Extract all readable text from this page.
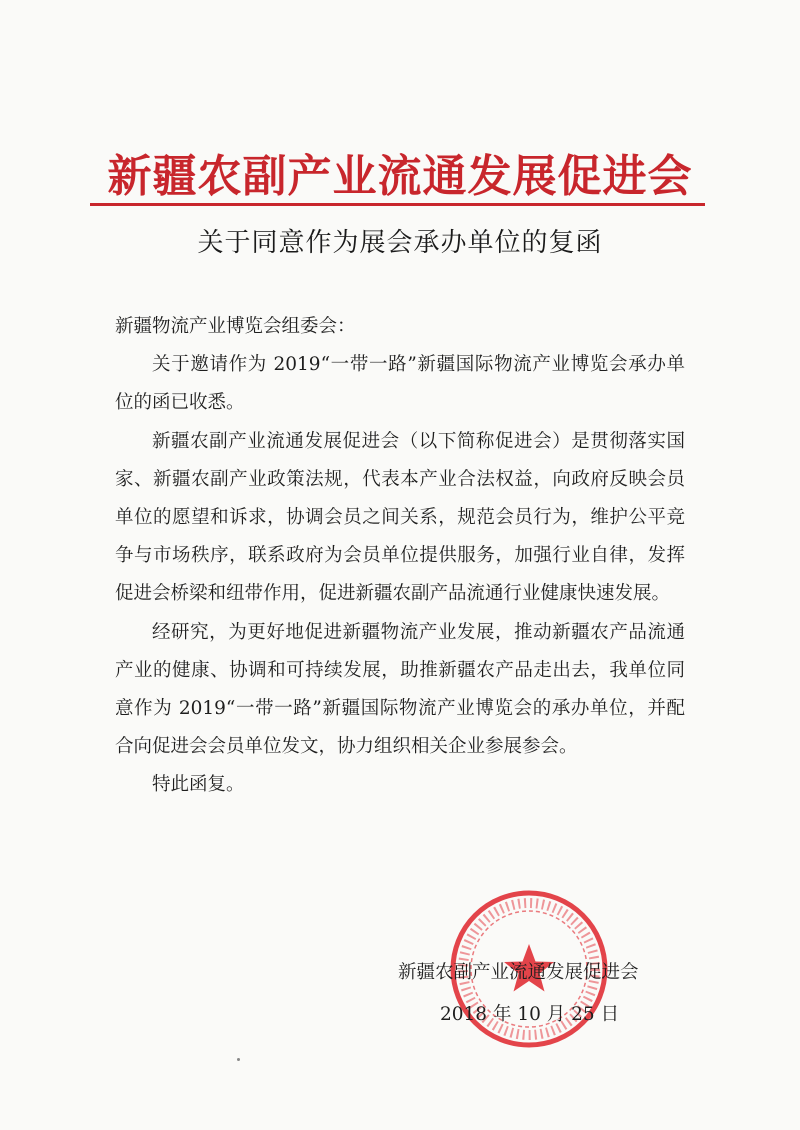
新疆农副产业流通发展促进会
关于同意作为展会承办单位的复函

新疆物流产业博览会组委会：

关于邀请作为 2019“一带一路”新疆国际物流产业博览会承办单位的函已收悉。

新疆农副产业流通发展促进会（以下简称促进会）是贯彻落实国家、新疆农副产业政策法规，代表本产业合法权益，向政府反映会员单位的愿望和诉求，协调会员之间关系，规范会员行为，维护公平竞争与市场秩序，联系政府为会员单位提供服务，加强行业自律，发挥促进会桥梁和纽带作用，促进新疆农副产品流通行业健康快速发展。

经研究，为更好地促进新疆物流产业发展，推动新疆农产品流通产业的健康、协调和可持续发展，助推新疆农产品走出去，我单位同意作为 2019“一带一路”新疆国际物流产业博览会的承办单位，并配合向促进会会员单位发文，协力组织相关企业参展参会。

特此函复。

新疆农副产业流通发展促进会
2018 年 10 月 25 日
